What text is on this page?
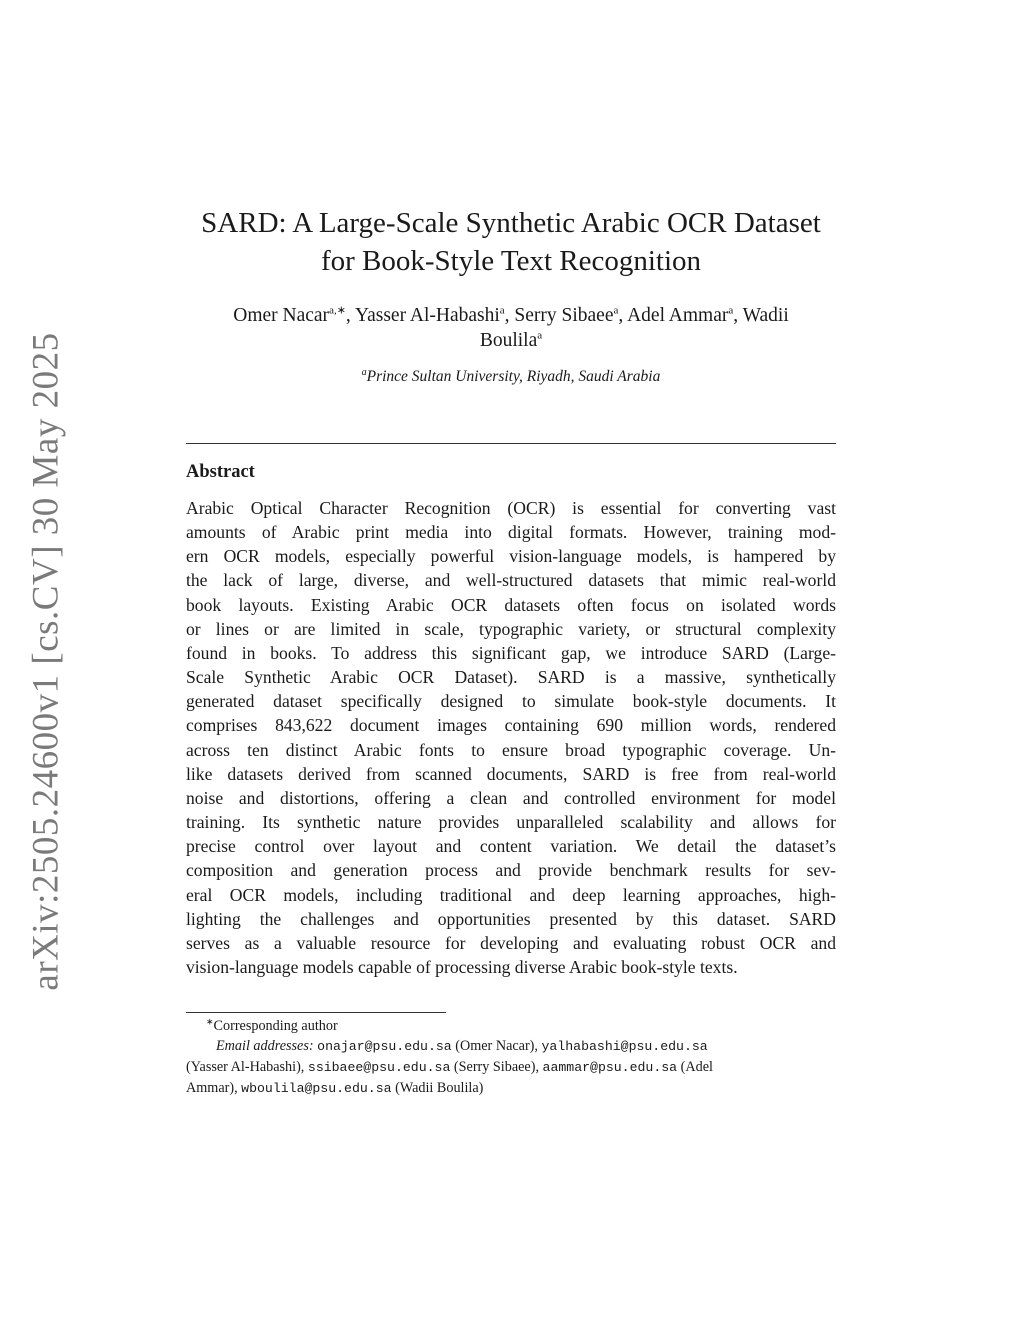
arXiv:2505.24600v1 [cs.CV] 30 May 2025
SARD: A Large-Scale Synthetic Arabic OCR Dataset
for Book-Style Text Recognition
Omer Nacar$^{a,∗}$, Yasser Al-Habashi$^a$, Serry Sibaee$^a$, Adel Ammar$^a$, Wadii
Boulila$^a$
$^a$Prince Sultan University, Riyadh, Saudi Arabia
Abstract
Arabic Optical Character Recognition (OCR) is essential for converting vast
amounts of Arabic print media into digital formats. However, training mod-
ern OCR models, especially powerful vision-language models, is hampered by
the lack of large, diverse, and well-structured datasets that mimic real-world
book layouts. Existing Arabic OCR datasets often focus on isolated words
or lines or are limited in scale, typographic variety, or structural complexity
found in books. To address this significant gap, we introduce SARD (Large-
Scale Synthetic Arabic OCR Dataset). SARD is a massive, synthetically
generated dataset specifically designed to simulate book-style documents. It
comprises 843,622 document images containing 690 million words, rendered
across ten distinct Arabic fonts to ensure broad typographic coverage. Un-
like datasets derived from scanned documents, SARD is free from real-world
noise and distortions, offering a clean and controlled environment for model
training. Its synthetic nature provides unparalleled scalability and allows for
precise control over layout and content variation. We detail the dataset’s
composition and generation process and provide benchmark results for sev-
eral OCR models, including traditional and deep learning approaches, high-
lighting the challenges and opportunities presented by this dataset. SARD
serves as a valuable resource for developing and evaluating robust OCR and
vision-language models capable of processing diverse Arabic book-style texts.
∗Corresponding author
Email addresses: onajar@psu.edu.sa (Omer Nacar), yalhabashi@psu.edu.sa
(Yasser Al-Habashi), ssibaee@psu.edu.sa (Serry Sibaee), aammar@psu.edu.sa (Adel
Ammar), wboulila@psu.edu.sa (Wadii Boulila)
